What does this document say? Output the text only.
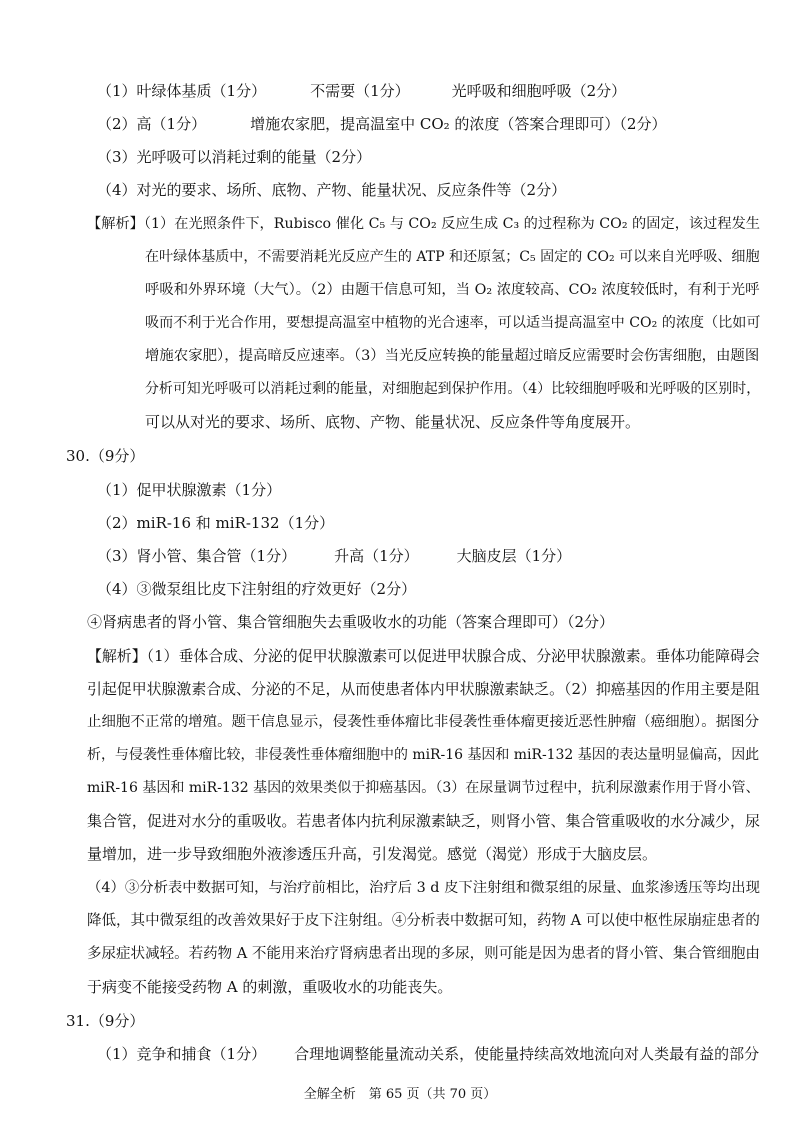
（1）叶绿体基质（1分）	不需要（1分）	光呼吸和细胞呼吸（2分）
（2）高（1分）	增施农家肥，提高温室中 CO₂ 的浓度（答案合理即可）（2分）
（3）光呼吸可以消耗过剩的能量（2分）
（4）对光的要求、场所、底物、产物、能量状况、反应条件等（2分）
【解析】（1）在光照条件下，Rubisco 催化 C₅ 与 CO₂ 反应生成 C₃ 的过程称为 CO₂ 的固定，该过程发生
在叶绿体基质中，不需要消耗光反应产生的 ATP 和还原氢；C₅ 固定的 CO₂ 可以来自光呼吸、细胞
呼吸和外界环境（大气）。（2）由题干信息可知，当 O₂ 浓度较高、CO₂ 浓度较低时，有利于光呼
吸而不利于光合作用，要想提高温室中植物的光合速率，可以适当提高温室中 CO₂ 的浓度（比如可
增施农家肥），提高暗反应速率。（3）当光反应转换的能量超过暗反应需要时会伤害细胞，由题图
分析可知光呼吸可以消耗过剩的能量，对细胞起到保护作用。（4）比较细胞呼吸和光呼吸的区别时，
可以从对光的要求、场所、底物、产物、能量状况、反应条件等角度展开。
30.（9分）
（1）促甲状腺激素（1分）
（2）miR-16 和 miR-132（1分）
（3）肾小管、集合管（1分）	升高（1分）	大脑皮层（1分）
（4）③微泵组比皮下注射组的疗效更好（2分）
④肾病患者的肾小管、集合管细胞失去重吸收水的功能（答案合理即可）（2分）
【解析】（1）垂体合成、分泌的促甲状腺激素可以促进甲状腺合成、分泌甲状腺激素。垂体功能障碍会
引起促甲状腺激素合成、分泌的不足，从而使患者体内甲状腺激素缺乏。（2）抑癌基因的作用主要是阻
止细胞不正常的增殖。题干信息显示，侵袭性垂体瘤比非侵袭性垂体瘤更接近恶性肿瘤（癌细胞）。据图分
析，与侵袭性垂体瘤比较，非侵袭性垂体瘤细胞中的 miR-16 基因和 miR-132 基因的表达量明显偏高，因此
miR-16 基因和 miR-132 基因的效果类似于抑癌基因。（3）在尿量调节过程中，抗利尿激素作用于肾小管、
集合管，促进对水分的重吸收。若患者体内抗利尿激素缺乏，则肾小管、集合管重吸收的水分减少，尿
量增加，进一步导致细胞外液渗透压升高，引发渴觉。感觉（渴觉）形成于大脑皮层。
（4）③分析表中数据可知，与治疗前相比，治疗后 3 d 皮下注射组和微泵组的尿量、血浆渗透压等均出现
降低，其中微泵组的改善效果好于皮下注射组。④分析表中数据可知，药物 A 可以使中枢性尿崩症患者的
多尿症状减轻。若药物 A 不能用来治疗肾病患者出现的多尿，则可能是因为患者的肾小管、集合管细胞由
于病变不能接受药物 A 的刺激，重吸收水的功能丧失。
31.（9分）
（1）竞争和捕食（1分） 合理地调整能量流动关系，使能量持续高效地流向对人类最有益的部分
全解全析　第 65 页（共 70 页）
